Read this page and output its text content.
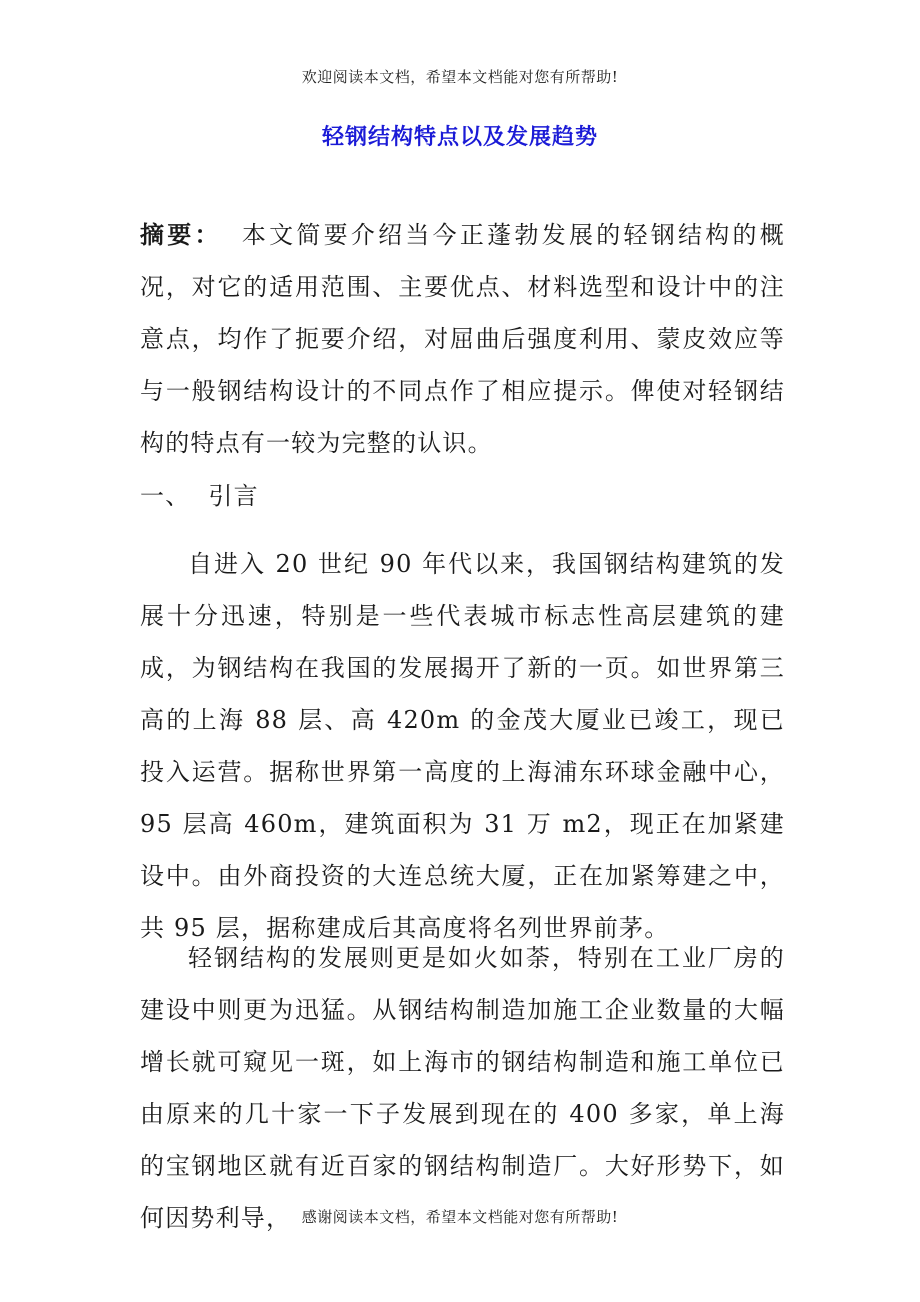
欢迎阅读本文档，希望本文档能对您有所帮助!
轻钢结构特点以及发展趋势
摘要： 本文简要介绍当今正蓬勃发展的轻钢结构的概况，对它的适用范围、主要优点、材料选型和设计中的注意点，均作了扼要介绍，对屈曲后强度利用、蒙皮效应等与一般钢结构设计的不同点作了相应提示。俾使对轻钢结构的特点有一较为完整的认识。
一、 引言
自进入 20 世纪 90 年代以来，我国钢结构建筑的发展十分迅速，特别是一些代表城市标志性高层建筑的建成，为钢结构在我国的发展揭开了新的一页。如世界第三高的上海 88 层、高 420m 的金茂大厦业已竣工，现已投入运营。据称世界第一高度的上海浦东环球金融中心，95 层高 460m，建筑面积为 31 万 m2，现正在加紧建设中。由外商投资的大连总统大厦，正在加紧筹建之中，共 95 层，据称建成后其高度将名列世界前茅。
轻钢结构的发展则更是如火如荼，特别在工业厂房的建设中则更为迅猛。从钢结构制造加施工企业数量的大幅增长就可窥见一斑，如上海市的钢结构制造和施工单位已由原来的几十家一下子发展到现在的 400 多家，单上海的宝钢地区就有近百家的钢结构制造厂。大好形势下，如何因势利导， 感谢阅读本文档，希望本文档能对您有所帮助!
